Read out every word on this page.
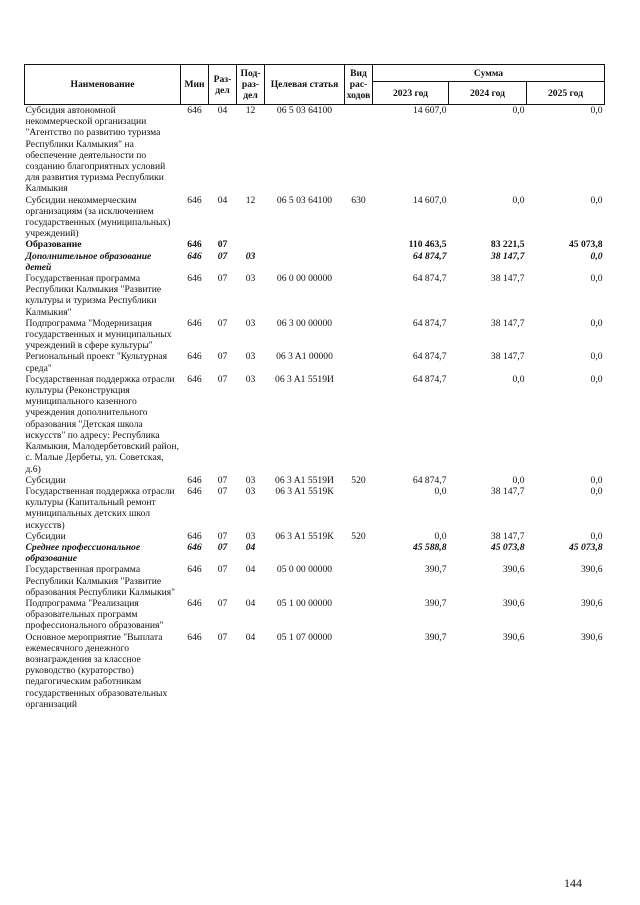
Наименование	Мин	Раз-дел	Под-раз-дел	Целевая статья	Вид рас-ходов	Сумма		
						2023 год	2024 год	2025 год
Субсидия автономной некоммерческой организации "Агентство по развитию туризма Республики Калмыкия" на обеспечение деятельности по созданию благоприятных условий для развития туризма Республики Калмыкия	646	04	12	06 5 03 64100		14 607,0	0,0	0,0
Субсидии некоммерческим организациям (за исключением государственных (муниципальных) учреждений)	646	04	12	06 5 03 64100	630	14 607,0	0,0	0,0
Образование	646	07				110 463,5	83 221,5	45 073,8
Дополнительное образование детей	646	07	03			64 874,7	38 147,7	0,0
Государственная программа Республики Калмыкия "Развитие культуры и туризма Республики Калмыкия"	646	07	03	06 0 00 00000		64 874,7	38 147,7	0,0
Подпрограмма "Модернизация государственных и муниципальных учреждений в сфере культуры"	646	07	03	06 3 00 00000		64 874,7	38 147,7	0,0
Региональный проект "Культурная среда"	646	07	03	06 3 A1 00000		64 874,7	38 147,7	0,0
Государственная поддержка отрасли культуры (Реконструкция муниципального казенного учреждения дополнительного образования "Детская школа искусств" по адресу: Республика Калмыкия, Малодербетовский район, с. Малые Дербеты, ул. Советская, д.6)	646	07	03	06 3 A1 5519И		64 874,7	0,0	0,0
Субсидии	646	07	03	06 3 A1 5519И	520	64 874,7	0,0	0,0
Государственная поддержка отрасли культуры (Капитальный ремонт муниципальных детских школ искусств)	646	07	03	06 3 A1 5519К		0,0	38 147,7	0,0
Субсидии	646	07	03	06 3 A1 5519К	520	0,0	38 147,7	0,0
Среднее профессиональное образование	646	07	04			45 588,8	45 073,8	45 073,8
Государственная программа Республики Калмыкия "Развитие образования Республики Калмыкия"	646	07	04	05 0 00 00000		390,7	390,6	390,6
Подпрограмма "Реализация образовательных программ профессионального образования"	646	07	04	05 1 00 00000		390,7	390,6	390,6
Основное мероприятие "Выплата ежемесячного денежного вознаграждения за классное руководство (кураторство) педагогическим работникам государственных образовательных организаций	646	07	04	05 1 07 00000		390,7	390,6	390,6
144
